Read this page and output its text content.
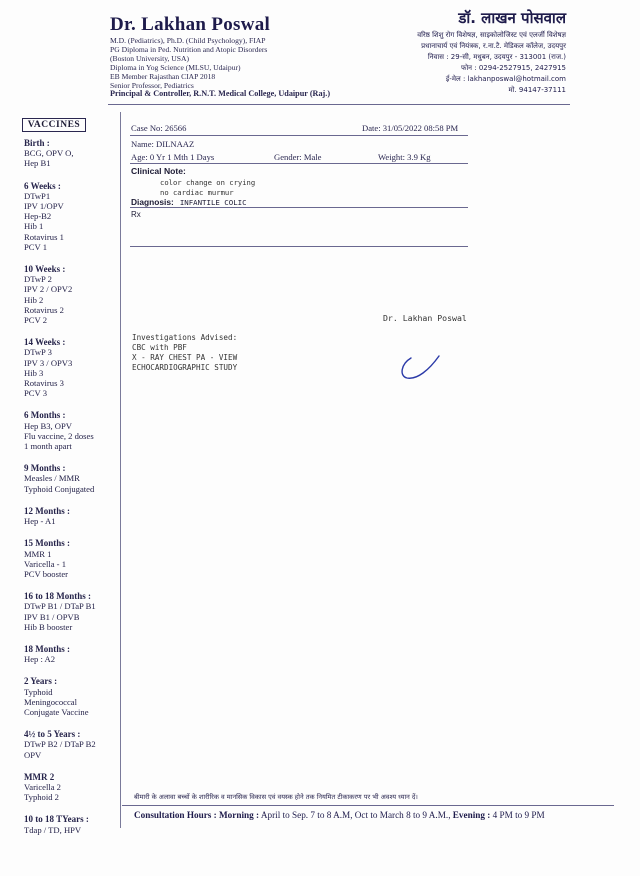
Dr. Lakhan Poswal
M.D. (Pediatrics), Ph.D. (Child Psychology), FIAP
PG Diploma in Ped. Nutrition and Atopic Disorders
(Boston University, USA)
Diploma in Yog Science (MLSU, Udaipur)
EB Member Rajasthan CIAP 2018
Senior Professor, Pediatrics
Principal & Controller, R.N.T. Medical College, Udaipur (Raj.)
डॉ. लाखन पोसवाल
वरिष्ठ शिशु रोग विशेषज्ञ, साइकोलोजिस्ट एवं एलर्जी विशेषज्ञ
प्रधानाचार्य एवं नियंत्रक, र.ना.टै. मेडिकल कॉलेज, उदयपुर
निवास : 29-सी, मधुबन, उदयपुर - 313001 (राज.)
फोन : 0294-2527915, 2427915
ई-मेल : lakhanposwal@hotmail.com
मो. 94147-37111
VACCINES
Birth :
BCG, OPV O,
Hep B1
6 Weeks :
DTwP1
IPV 1/OPV
Hep-B2
Hib 1
Rotavirus 1
PCV 1
10 Weeks :
DTwP 2
IPV 2 / OPV2
Hib 2
Rotavirus 2
PCV 2
14 Weeks :
DTwP 3
IPV 3 / OPV3
Hib 3
Rotavirus 3
PCV 3
6 Months :
Hep B3, OPV
Flu vaccine, 2 doses
1 month apart
9 Months :
Measles / MMR
Typhoid Conjugated
12 Months :
Hep - A1
15 Months :
MMR 1
Varicella - 1
PCV booster
16 to 18 Months :
DTwP B1 / DTaP B1
IPV B1 / OPVB
Hib B booster
18 Months :
Hep : A2
2 Years :
Typhoid
Meningococcal
Conjugate Vaccine
4½ to 5 Years :
DTwP B2 / DTaP B2
OPV
MMR 2
Varicella 2
Typhoid 2
10 to 18 TYears :
Tdap / TD, HPV
Case No: 26566	Date: 31/05/2022 08:58 PM
Name: DILNAAZ
Age: 0 Yr 1 Mth 1 Days	Gender: Male	Weight: 3.9 Kg
Clinical Note:
color change on crying
no cardiac murmur
Diagnosis: INFANTILE COLIC
Rx
Dr. Lakhan Poswal
Investigations Advised:
CBC with PBF
X - RAY CHEST PA - VIEW
ECHOCARDIOGRAPHIC STUDY
बीमारी के अलावा बच्चों के शारीरिक व मानसिक विकास एवं वयस्क होने तक नियमित टीकाकरण पर भी अवश्य ध्यान दें।
Consultation Hours : Morning : April to Sep. 7 to 8 A.M, Oct to March 8 to 9 A.M., Evening : 4 PM to 9 PM
